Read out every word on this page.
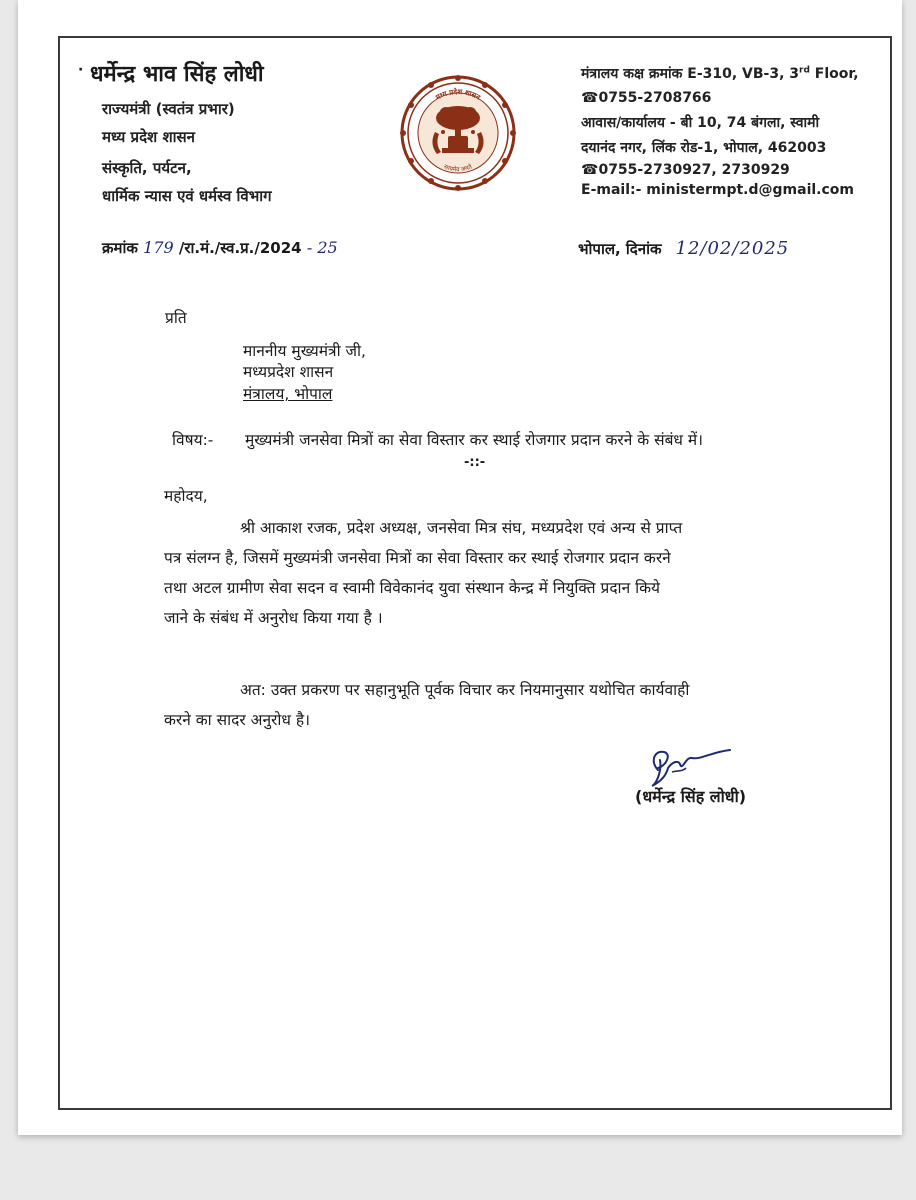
· धर्मेन्द्र भाव सिंह लोधी
राज्यमंत्री (स्वतंत्र प्रभार)
मध्य प्रदेश शासन
संस्कृति, पर्यटन,
धार्मिक न्यास एवं धर्मस्व विभाग
मध्य प्रदेश शासन
सत्यमेव जयते
मंत्रालय कक्ष क्रमांक E-310, VB-3, 3rd Floor,
☎0755-2708766
आवास/कार्यालय - बी 10, 74 बंगला, स्वामी
दयानंद नगर, लिंक रोड-1, भोपाल, 462003
☎0755-2730927, 2730929
E-mail:- ministermpt.d@gmail.com
क्रमांक 179 /रा.मं./स्व.प्र./2024 - 25	भोपाल, दिनांक 12/02/2025
प्रति
माननीय मुख्यमंत्री जी,
मध्यप्रदेश शासन
मंत्रालय, भोपाल
विषय:- मुख्यमंत्री जनसेवा मित्रों का सेवा विस्तार कर स्थाई रोजगार प्रदान करने के संबंध में।
-::-
महोदय,
श्री आकाश रजक, प्रदेश अध्यक्ष, जनसेवा मित्र संघ, मध्यप्रदेश एवं अन्य से प्राप्त
पत्र संलग्न है, जिसमें मुख्यमंत्री जनसेवा मित्रों का सेवा विस्तार कर स्थाई रोजगार प्रदान करने
तथा अटल ग्रामीण सेवा सदन व स्वामी विवेकानंद युवा संस्थान केन्द्र में नियुक्ति प्रदान किये
जाने के संबंध में अनुरोध किया गया है ।
अत: उक्त प्रकरण पर सहानुभूति पूर्वक विचार कर नियमानुसार यथोचित कार्यवाही
करने का सादर अनुरोध है।
(धर्मेन्द्र सिंह लोधी)
